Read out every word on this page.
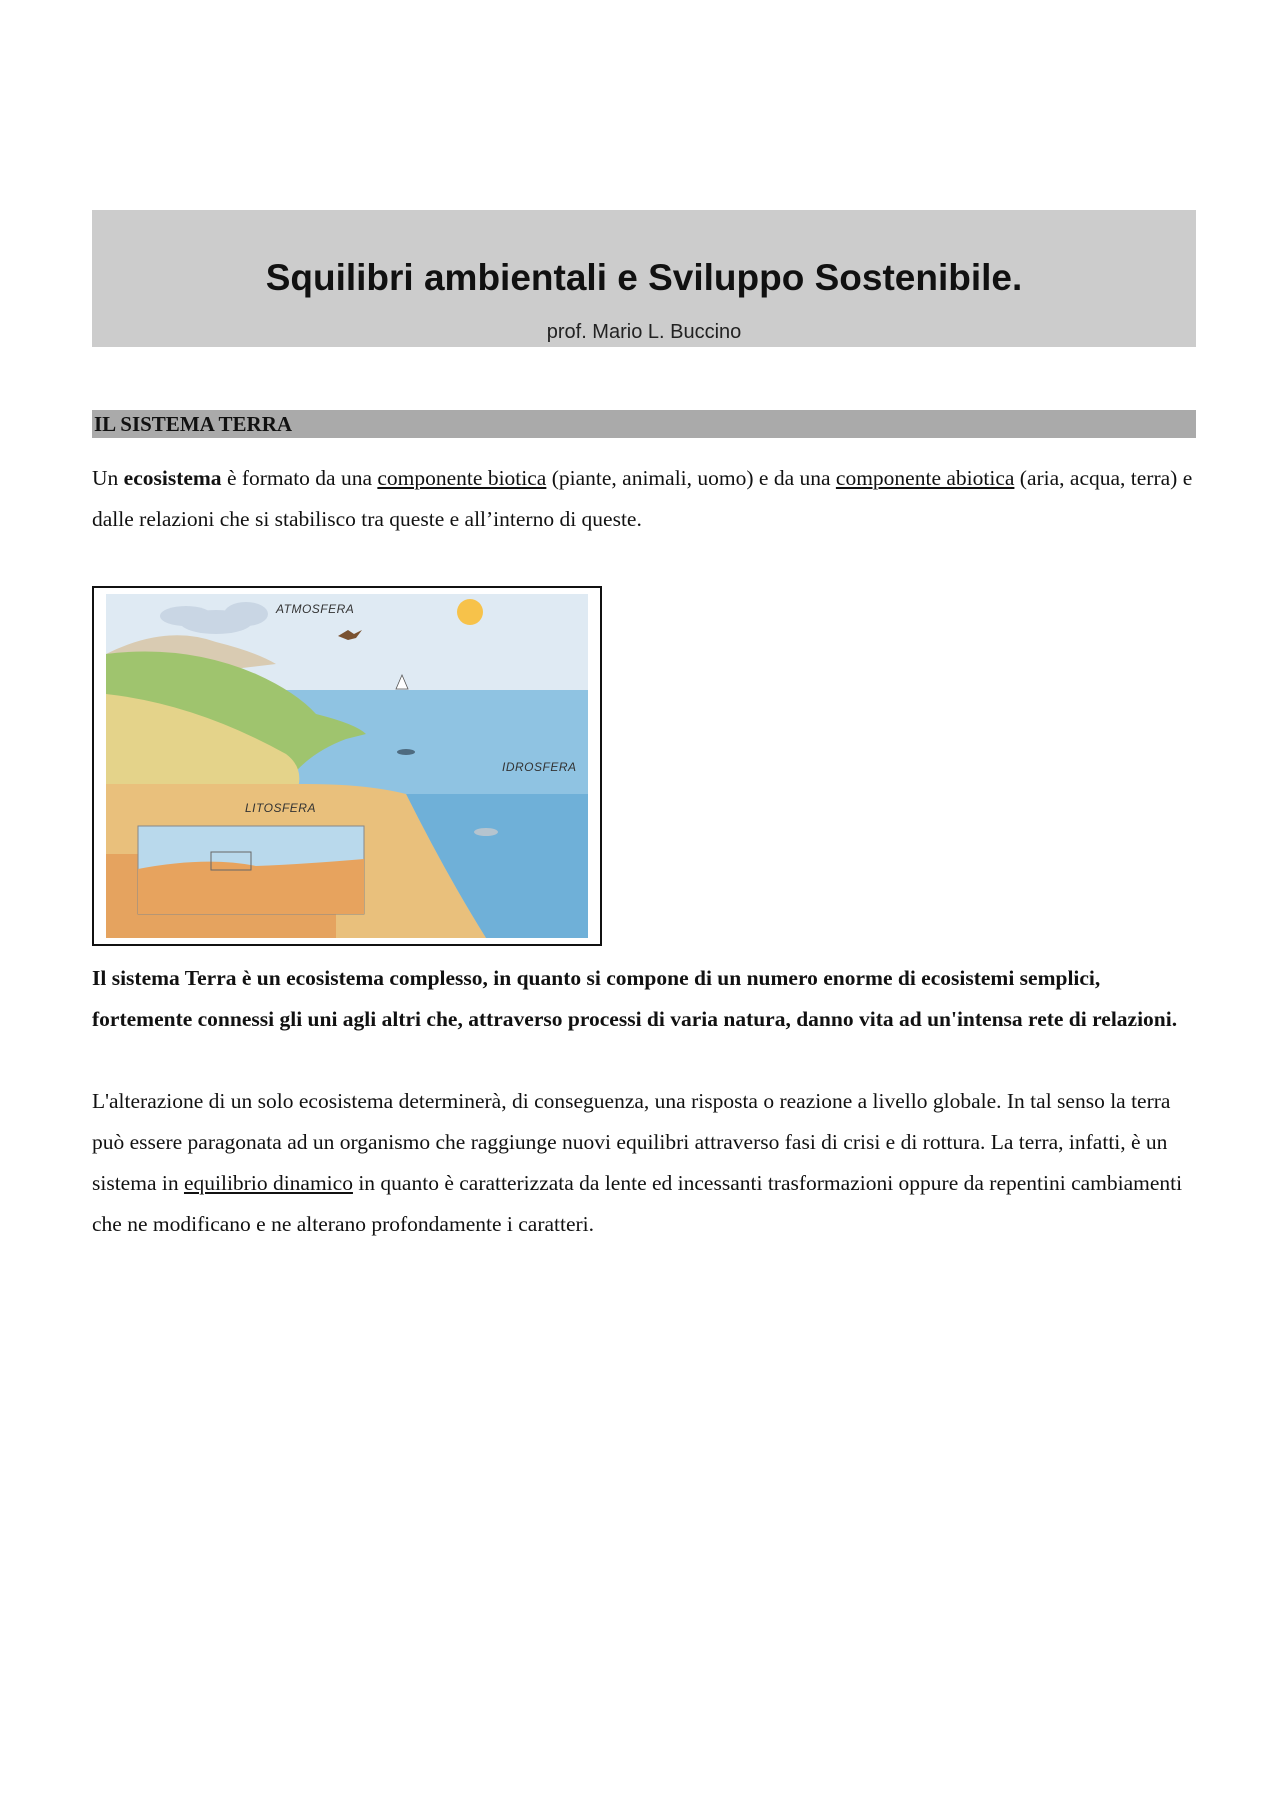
Squilibri ambientali e Sviluppo Sostenibile.
prof. Mario L. Buccino
IL SISTEMA TERRA

Un ecosistema è formato da una componente biotica (piante, animali, uomo) e da una componente abiotica (aria, acqua, terra) e dalle relazioni che si stabilisco tra queste e all’interno di queste.

ATMOSFERA
IDROSFERA
LITOSFERA

Il sistema Terra è un ecosistema complesso, in quanto si compone di un numero enorme di ecosistemi semplici, fortemente connessi gli uni agli altri che, attraverso processi di varia natura, danno vita ad un'intensa rete di relazioni.

L'alterazione di un solo ecosistema determinerà, di conseguenza, una risposta o reazione a livello globale. In tal senso la terra può essere paragonata ad un organismo che raggiunge nuovi equilibri attraverso fasi di crisi e di rottura. La terra, infatti, è un sistema in equilibrio dinamico in quanto è caratterizzata da lente ed incessanti trasformazioni oppure da repentini cambiamenti che ne modificano e ne alterano profondamente i caratteri.
